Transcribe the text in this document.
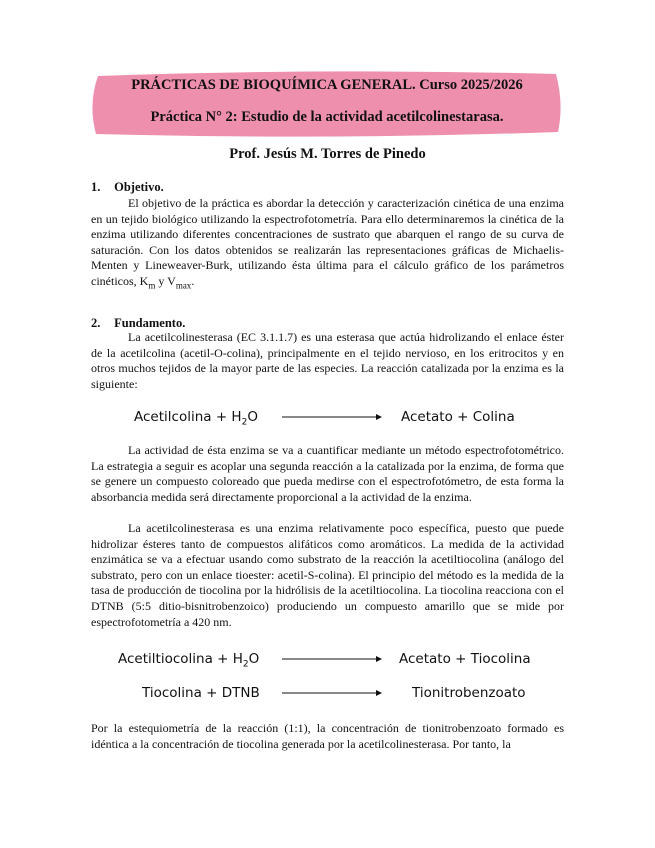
PRÁCTICAS DE BIOQUÍMICA GENERAL. Curso 2025/2026
Práctica N° 2: Estudio de la actividad acetilcolinestarasa.
Prof. Jesús M. Torres de Pinedo
1. Objetivo.
El objetivo de la práctica es abordar la detección y caracterización cinética de una enzima en un tejido biológico utilizando la espectrofotometría. Para ello determinaremos la cinética de la enzima utilizando diferentes concentraciones de sustrato que abarquen el rango de su curva de saturación. Con los datos obtenidos se realizarán las representaciones gráficas de Michaelis-Menten y Lineweaver-Burk, utilizando ésta última para el cálculo gráfico de los parámetros cinéticos, $K_m$ y $V_{max}$.
2. Fundamento.
La acetilcolinesterasa (EC 3.1.1.7) es una esterasa que actúa hidrolizando el enlace éster de la acetilcolina (acetil-O-colina), principalmente en el tejido nervioso, en los eritrocitos y en otros muchos tejidos de la mayor parte de las especies. La reacción catalizada por la enzima es la siguiente:
Acetilcolina + $H_2O$	Acetato + Colina
La actividad de ésta enzima se va a cuantificar mediante un método espectrofotométrico. La estrategia a seguir es acoplar una segunda reacción a la catalizada por la enzima, de forma que se genere un compuesto coloreado que pueda medirse con el espectrofotómetro, de esta forma la absorbancia medida será directamente proporcional a la actividad de la enzima.
La acetilcolinesterasa es una enzima relativamente poco específica, puesto que puede hidrolizar ésteres tanto de compuestos alifáticos como aromáticos. La medida de la actividad enzimática se va a efectuar usando como substrato de la reacción la acetiltiocolina (análogo del substrato, pero con un enlace tioester: acetil-S-colina). El principio del método es la medida de la tasa de producción de tiocolina por la hidrólisis de la acetiltiocolina. La tiocolina reacciona con el DTNB (5:5 ditio-bisnitrobenzoico) produciendo un compuesto amarillo que se mide por espectrofotometría a 420 nm.
Acetiltiocolina + $H_2O$	Acetato + Tiocolina
Tiocolina + DTNB	Tionitrobenzoato
Por la estequiometría de la reacción (1:1), la concentración de tionitrobenzoato formado es idéntica a la concentración de tiocolina generada por la acetilcolinesterasa. Por tanto, la
